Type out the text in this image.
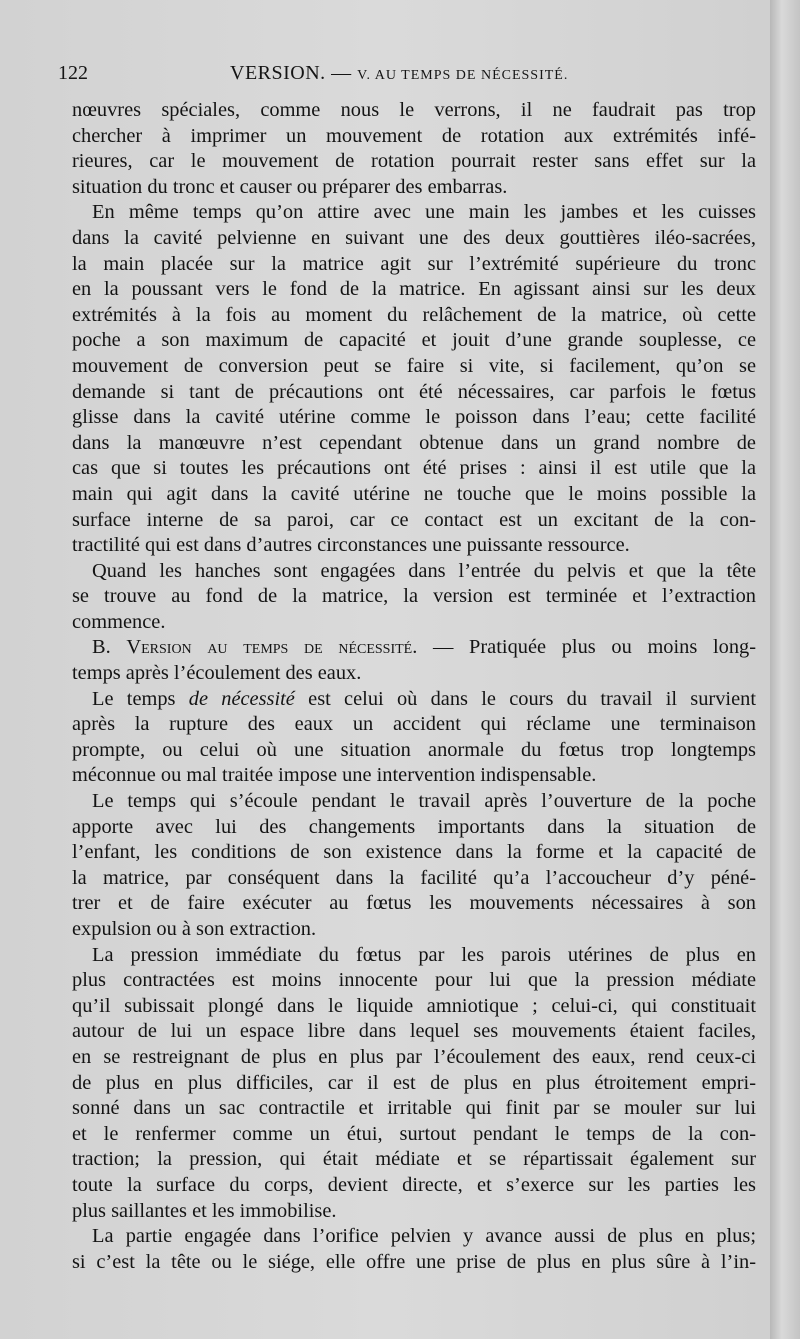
122	VERSION. — V. AU TEMPS DE NÉCESSITÉ.
nœuvres spéciales, comme nous le verrons, il ne faudrait pas trop
chercher à imprimer un mouvement de rotation aux extrémités infé-
rieures, car le mouvement de rotation pourrait rester sans effet sur la
situation du tronc et causer ou préparer des embarras.
En même temps qu’on attire avec une main les jambes et les cuisses
dans la cavité pelvienne en suivant une des deux gouttières iléo-sacrées,
la main placée sur la matrice agit sur l’extrémité supérieure du tronc
en la poussant vers le fond de la matrice. En agissant ainsi sur les deux
extrémités à la fois au moment du relâchement de la matrice, où cette
poche a son maximum de capacité et jouit d’une grande souplesse, ce
mouvement de conversion peut se faire si vite, si facilement, qu’on se
demande si tant de précautions ont été nécessaires, car parfois le fœtus
glisse dans la cavité utérine comme le poisson dans l’eau; cette facilité
dans la manœuvre n’est cependant obtenue dans un grand nombre de
cas que si toutes les précautions ont été prises : ainsi il est utile que la
main qui agit dans la cavité utérine ne touche que le moins possible la
surface interne de sa paroi, car ce contact est un excitant de la con-
tractilité qui est dans d’autres circonstances une puissante ressource.
Quand les hanches sont engagées dans l’entrée du pelvis et que la tête
se trouve au fond de la matrice, la version est terminée et l’extraction
commence.
B. Version au temps de nécessité. — Pratiquée plus ou moins long-
temps après l’écoulement des eaux.
Le temps de nécessité est celui où dans le cours du travail il survient
après la rupture des eaux un accident qui réclame une terminaison
prompte, ou celui où une situation anormale du fœtus trop longtemps
méconnue ou mal traitée impose une intervention indispensable.
Le temps qui s’écoule pendant le travail après l’ouverture de la poche
apporte avec lui des changements importants dans la situation de
l’enfant, les conditions de son existence dans la forme et la capacité de
la matrice, par conséquent dans la facilité qu’a l’accoucheur d’y péné-
trer et de faire exécuter au fœtus les mouvements nécessaires à son
expulsion ou à son extraction.
La pression immédiate du fœtus par les parois utérines de plus en
plus contractées est moins innocente pour lui que la pression médiate
qu’il subissait plongé dans le liquide amniotique ; celui-ci, qui constituait
autour de lui un espace libre dans lequel ses mouvements étaient faciles,
en se restreignant de plus en plus par l’écoulement des eaux, rend ceux-ci
de plus en plus difficiles, car il est de plus en plus étroitement empri-
sonné dans un sac contractile et irritable qui finit par se mouler sur lui
et le renfermer comme un étui, surtout pendant le temps de la con-
traction; la pression, qui était médiate et se répartissait également sur
toute la surface du corps, devient directe, et s’exerce sur les parties les
plus saillantes et les immobilise.
La partie engagée dans l’orifice pelvien y avance aussi de plus en plus;
si c’est la tête ou le siége, elle offre une prise de plus en plus sûre à l’in-
